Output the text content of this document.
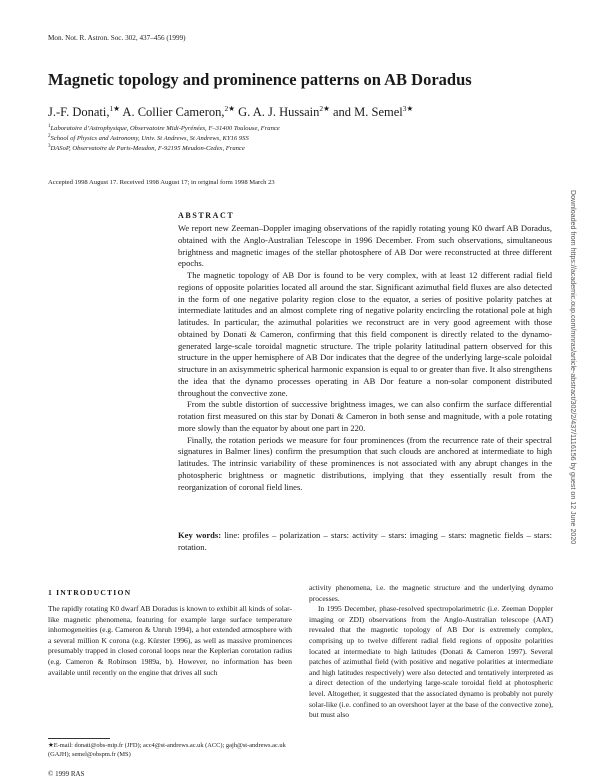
Mon. Not. R. Astron. Soc. 302, 437–456 (1999)
Magnetic topology and prominence patterns on AB Doradus
J.-F. Donati,$^{1★}$ A. Collier Cameron,$^{2★}$ G. A. J. Hussain$^{2★}$ and M. Semel$^{3★}$
$^1$Laboratoire d’Astrophysique, Observatoire Midi-Pyrénées, F–31400 Toulouse, France
$^2$School of Physics and Astronomy, Univ. St Andrews, St Andrews, KY16 9SS
$^3$DASoP, Observatoire de Paris-Meudon, F-92195 Meudon-Cedex, France
Accepted 1998 August 17. Received 1998 August 17; in original form 1998 March 23
ABSTRACT

We report new Zeeman–Doppler imaging observations of the rapidly rotating young K0 dwarf AB Doradus, obtained with the Anglo-Australian Telescope in 1996 December. From such observations, simultaneous brightness and magnetic images of the stellar photosphere of AB Dor were reconstructed at three different epochs.

The magnetic topology of AB Dor is found to be very complex, with at least 12 different radial field regions of opposite polarities located all around the star. Significant azimuthal field fluxes are also detected in the form of one negative polarity region close to the equator, a series of positive polarity patches at intermediate latitudes and an almost complete ring of negative polarity encircling the rotational pole at high latitudes. In particular, the azimuthal polarities we reconstruct are in very good agreement with those obtained by Donati & Cameron, confirming that this field component is directly related to the dynamo-generated large-scale toroidal magnetic structure. The triple polarity latitudinal pattern observed for this structure in the upper hemisphere of AB Dor indicates that the degree of the underlying large-scale poloidal structure in an axisymmetric spherical harmonic expansion is equal to or greater than five. It also strengthens the idea that the dynamo processes operating in AB Dor feature a non-solar component distributed throughout the convective zone.

From the subtle distortion of successive brightness images, we can also confirm the surface differential rotation first measured on this star by Donati & Cameron in both sense and magnitude, with a pole rotating more slowly than the equator by about one part in 220.

Finally, the rotation periods we measure for four prominences (from the recurrence rate of their spectral signatures in Balmer lines) confirm the presumption that such clouds are anchored at intermediate to high latitudes. The intrinsic variability of these prominences is not associated with any abrupt changes in the photospheric brightness or magnetic distributions, implying that they essentially result from the reorganization of coronal field lines.

Key words: line: profiles – polarization – stars: activity – stars: imaging – stars: magnetic fields – stars: rotation.
1 INTRODUCTION
The rapidly rotating K0 dwarf AB Doradus is known to exhibit all kinds of solar-like magnetic phenomena, featuring for example large surface temperature inhomogeneities (e.g. Cameron & Unruh 1994), a hot extended atmosphere with a several million K corona (e.g. Kürster 1996), as well as massive prominences presumably trapped in closed coronal loops near the Keplerian corotation radius (e.g. Cameron & Robinson 1989a, b). However, no information has been available until recently on the engine that drives all such

activity phenomena, i.e. the magnetic structure and the underlying dynamo processes.

In 1995 December, phase-resolved spectropolarimetric (i.e. Zeeman Doppler imaging or ZDI) observations from the Anglo-Australian telescope (AAT) revealed that the magnetic topology of AB Dor is extremely complex, comprising up to twelve different radial field regions of opposite polarities located at intermediate to high latitudes (Donati & Cameron 1997). Several patches of azimuthal field (with positive and negative polarities at intermediate and high latitudes respectively) were also detected and tentatively interpreted as a direct detection of the underlying large-scale toroidal field at photospheric level. Altogether, it suggested that the associated dynamo is probably not purely solar-like (i.e. confined to an overshoot layer at the base of the convective zone), but must also

★E-mail: donati@obs-mip.fr (JFD); acc4@st-andrews.ac.uk (ACC); gajh@st-andrews.ac.uk (GAJH); semel@obspm.fr (MS)
© 1999 RAS
Downloaded from https://academic.oup.com/mnras/article-abstract/302/2/437/1116156 by guest on 12 June 2020
